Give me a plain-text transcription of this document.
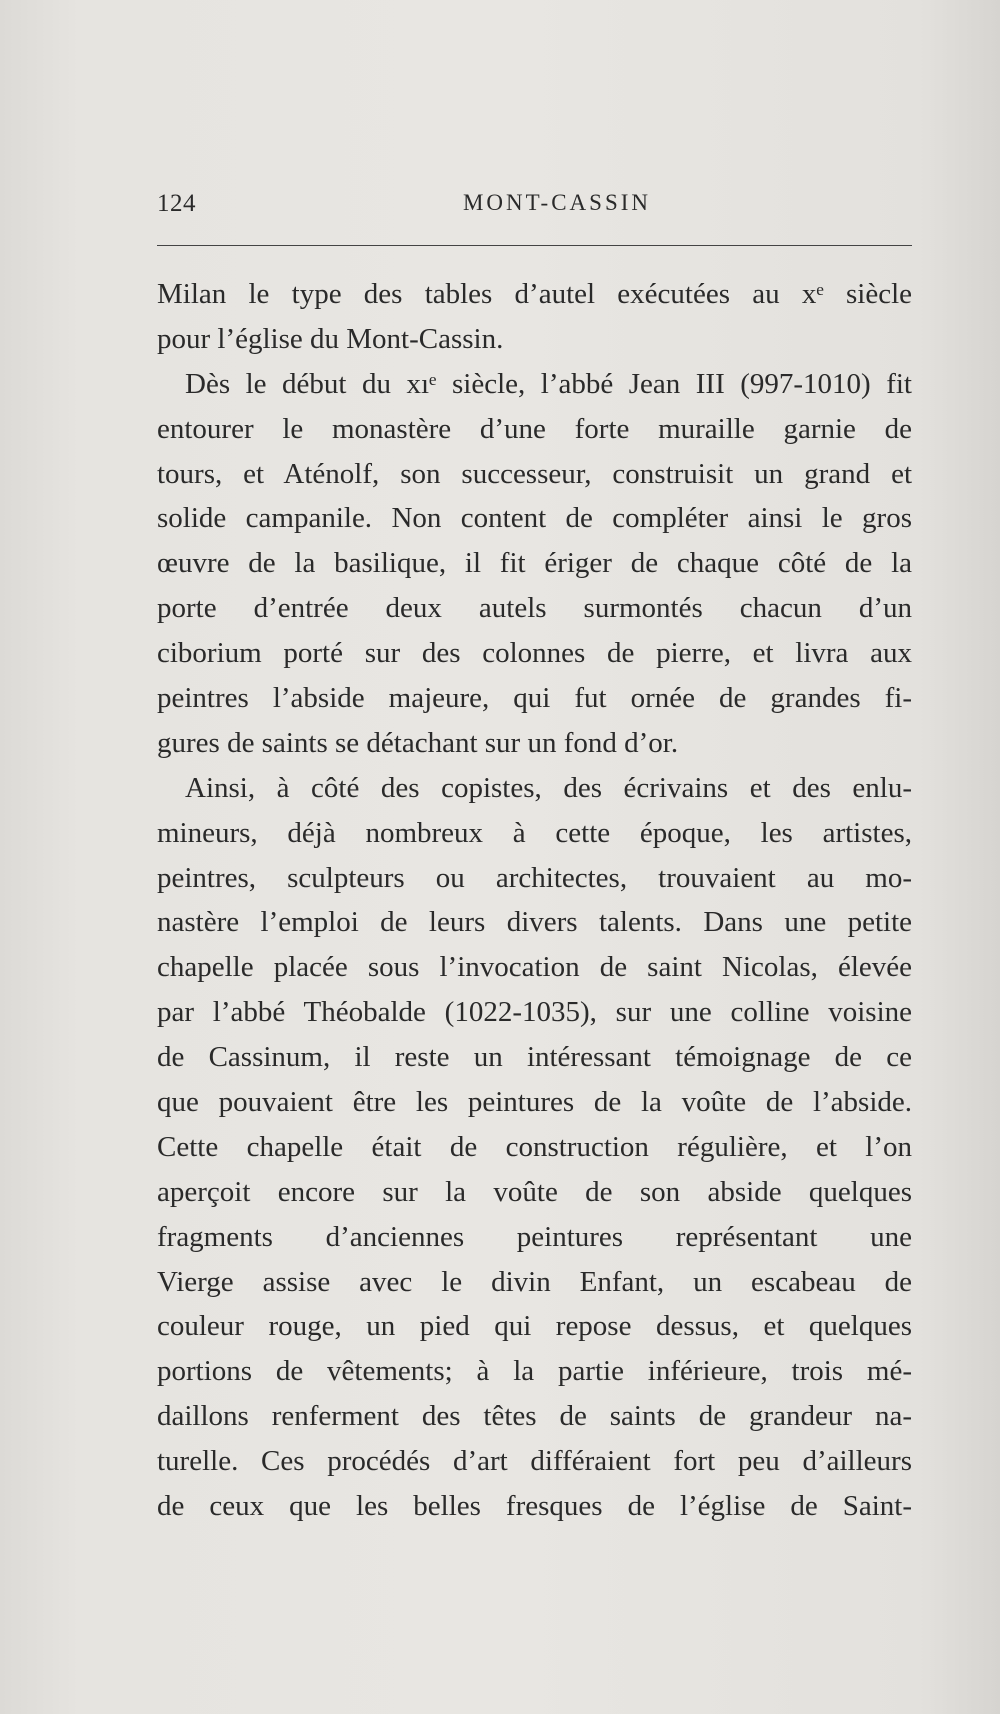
124	MONT-CASSIN
Milan le type des tables d’autel exécutées au xᵉ siècle
pour l’église du Mont-Cassin.
Dès le début du xıᵉ siècle, l’abbé Jean III (997-1010) fit
entourer le monastère d’une forte muraille garnie de
tours, et Aténolf, son successeur, construisit un grand et
solide campanile. Non content de compléter ainsi le gros
œuvre de la basilique, il fit ériger de chaque côté de la
porte d’entrée deux autels surmontés chacun d’un
ciborium porté sur des colonnes de pierre, et livra aux
peintres l’abside majeure, qui fut ornée de grandes fi-
gures de saints se détachant sur un fond d’or.
Ainsi, à côté des copistes, des écrivains et des enlu-
mineurs, déjà nombreux à cette époque, les artistes,
peintres, sculpteurs ou architectes, trouvaient au mo-
nastère l’emploi de leurs divers talents. Dans une petite
chapelle placée sous l’invocation de saint Nicolas, élevée
par l’abbé Théobalde (1022-1035), sur une colline voisine
de Cassinum, il reste un intéressant témoignage de ce
que pouvaient être les peintures de la voûte de l’abside.
Cette chapelle était de construction régulière, et l’on
aperçoit encore sur la voûte de son abside quelques
fragments d’anciennes peintures représentant une
Vierge assise avec le divin Enfant, un escabeau de
couleur rouge, un pied qui repose dessus, et quelques
portions de vêtements; à la partie inférieure, trois mé-
daillons renferment des têtes de saints de grandeur na-
turelle. Ces procédés d’art différaient fort peu d’ailleurs
de ceux que les belles fresques de l’église de Saint-
